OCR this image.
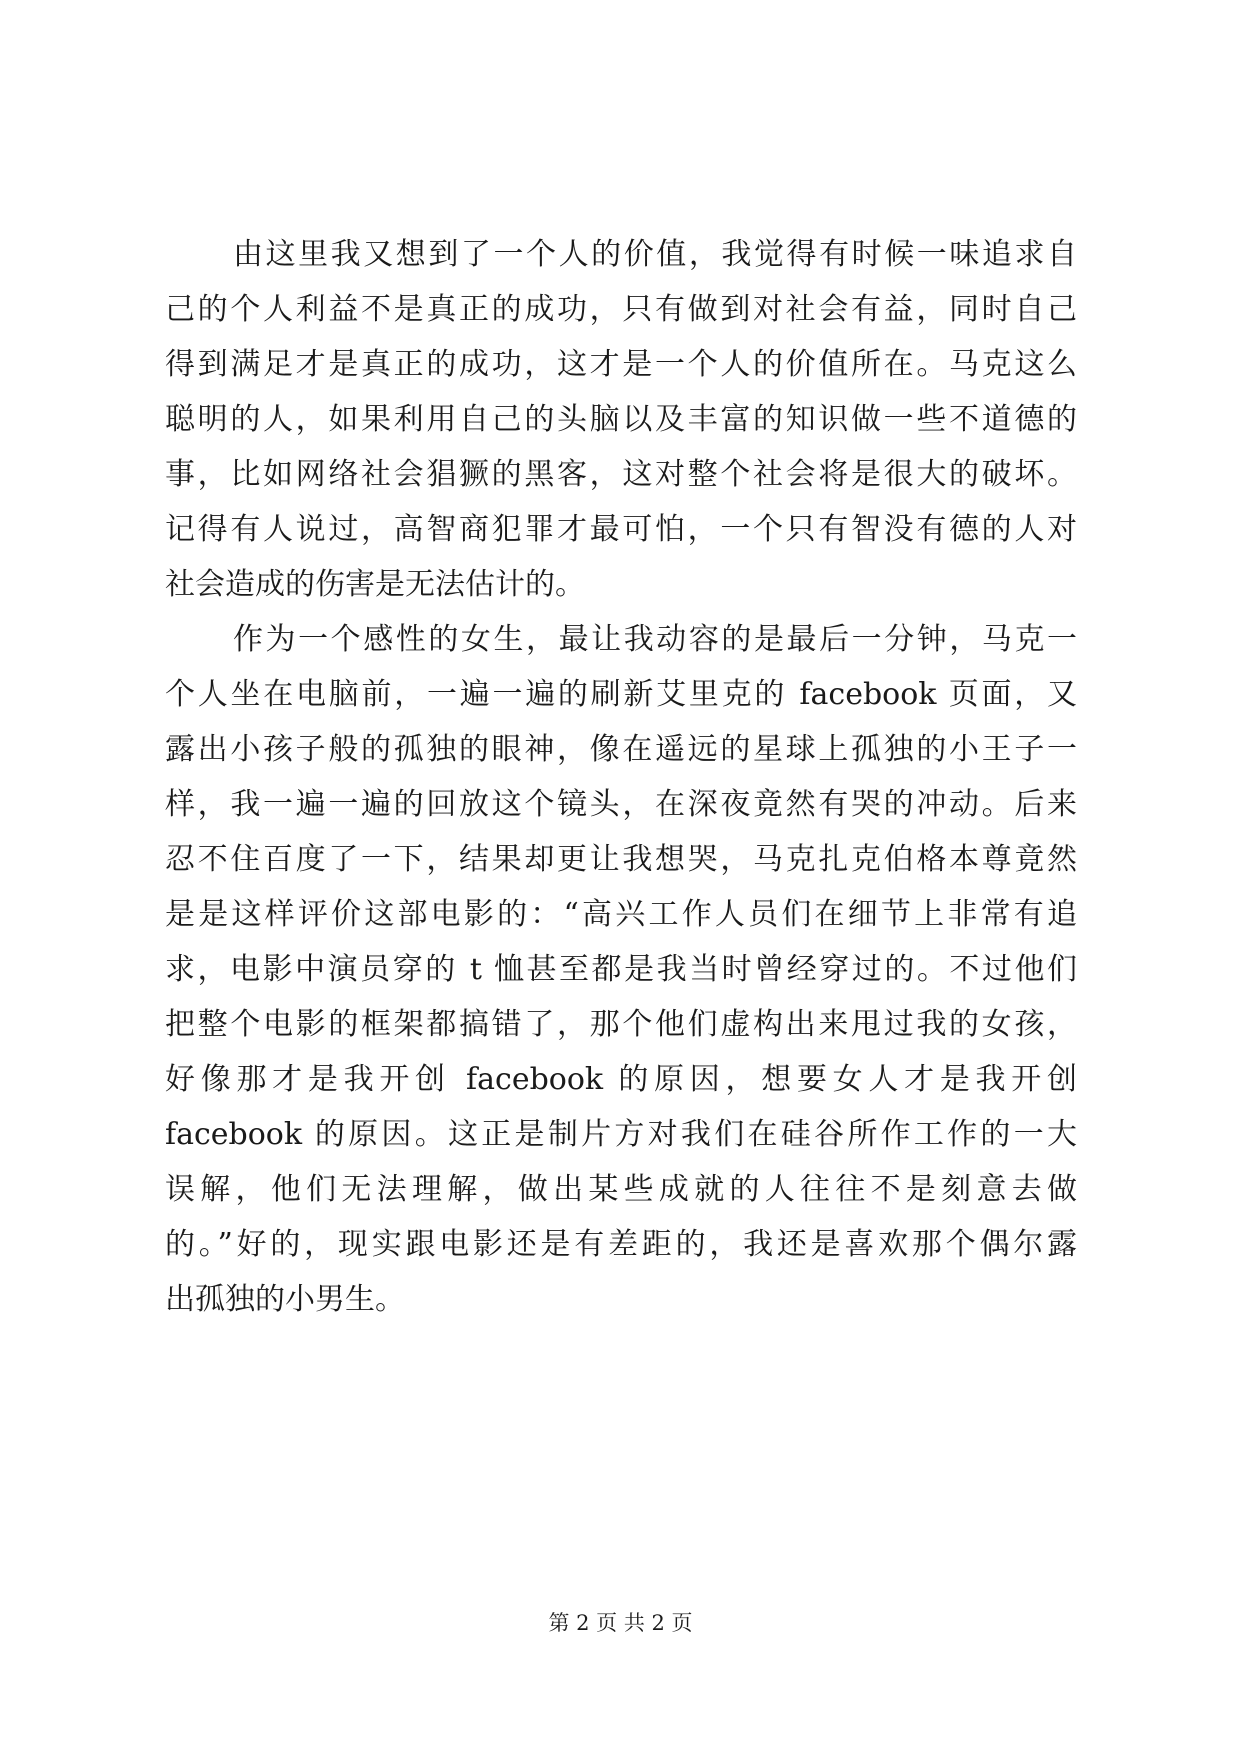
由这里我又想到了一个人的价值，我觉得有时候一味追求自
己的个人利益不是真正的成功，只有做到对社会有益，同时自己
得到满足才是真正的成功，这才是一个人的价值所在。马克这么
聪明的人，如果利用自己的头脑以及丰富的知识做一些不道德的
事，比如网络社会猖獗的黑客，这对整个社会将是很大的破坏。
记得有人说过，高智商犯罪才最可怕，一个只有智没有德的人对
社会造成的伤害是无法估计的。
作为一个感性的女生，最让我动容的是最后一分钟，马克一
个人坐在电脑前，一遍一遍的刷新艾里克的 facebook 页面，又
露出小孩子般的孤独的眼神，像在遥远的星球上孤独的小王子一
样，我一遍一遍的回放这个镜头，在深夜竟然有哭的冲动。后来
忍不住百度了一下，结果却更让我想哭，马克扎克伯格本尊竟然
是是这样评价这部电影的：“高兴工作人员们在细节上非常有追
求，电影中演员穿的 t 恤甚至都是我当时曾经穿过的。不过他们
把整个电影的框架都搞错了，那个他们虚构出来甩过我的女孩，
好像那才是我开创 facebook 的原因，想要女人才是我开创
facebook 的原因。这正是制片方对我们在硅谷所作工作的一大
误解，他们无法理解，做出某些成就的人往往不是刻意去做
的。”好的，现实跟电影还是有差距的，我还是喜欢那个偶尔露
出孤独的小男生。
第 2 页 共 2 页
